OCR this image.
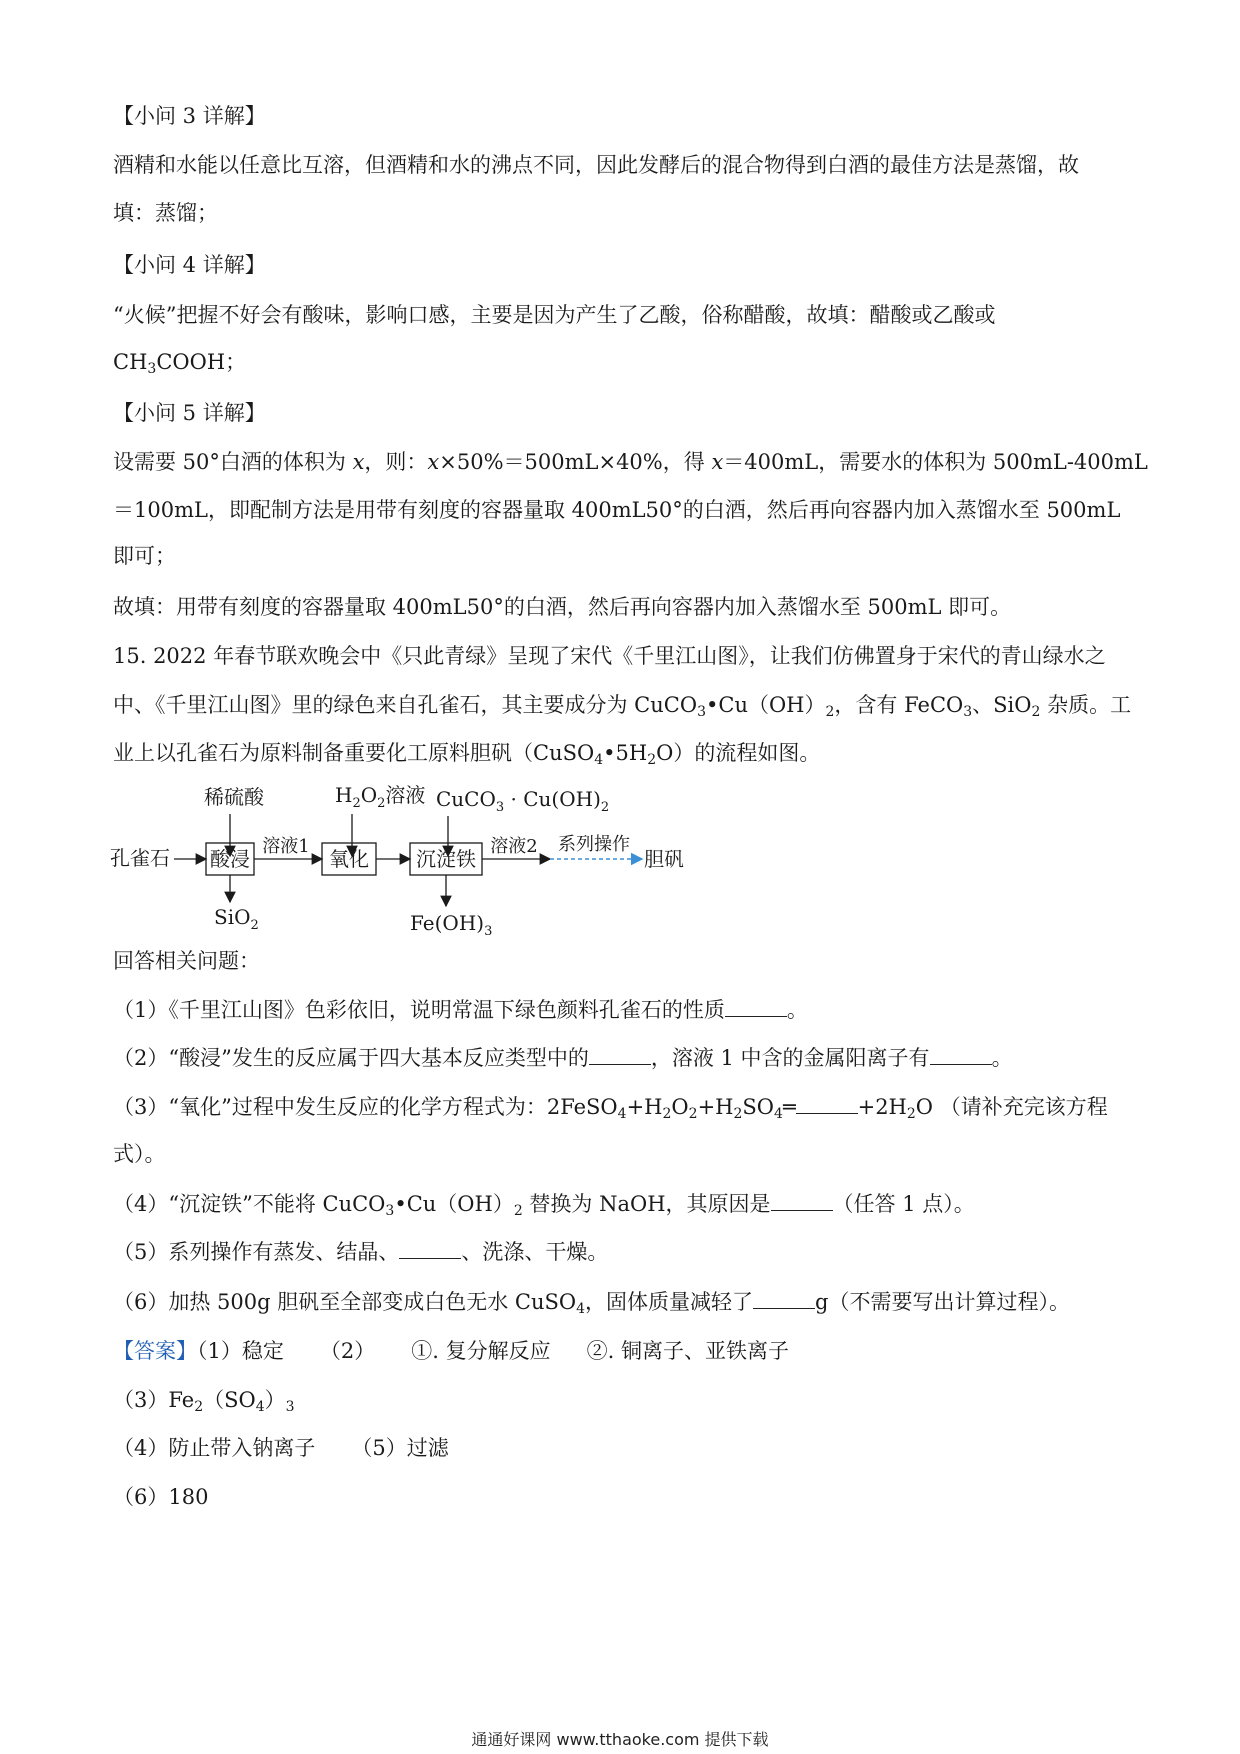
【小问 3 详解】
酒精和水能以任意比互溶，但酒精和水的沸点不同，因此发酵后的混合物得到白酒的最佳方法是蒸馏，故
填：蒸馏；
【小问 4 详解】
“火候”把握不好会有酸味，影响口感，主要是因为产生了乙酸，俗称醋酸，故填：醋酸或乙酸或
$CH_3COOH$；
【小问 5 详解】
设需要 50°白酒的体积为 x，则：x×50%＝500mL×40%，得 x＝400mL，需要水的体积为 500mL-400mL
＝100mL，即配制方法是用带有刻度的容器量取 400mL50°的白酒，然后再向容器内加入蒸馏水至 500mL
即可；
故填：用带有刻度的容器量取 400mL50°的白酒，然后再向容器内加入蒸馏水至 500mL 即可。
15. 2022 年春节联欢晚会中《只此青绿》呈现了宋代《千里江山图》，让我们仿佛置身于宋代的青山绿水之
中、《千里江山图》里的绿色来自孔雀石，其主要成分为 $CuCO_3•Cu(OH)_2$，含有 FeCO$_3$、SiO$_2$ 杂质。工
业上以孔雀石为原料制备重要化工原料胆矾$(CuSO_4•5H_2O)$的流程如图。
稀硫酸	$H_2O_2$溶液 CuCO$_3$ · $Cu(OH)_2$
孔雀石 酸浸
溶液1
氧化 沉淀铁
溶液2 系列操作
胆矾
SiO$_2$	$Fe(OH)_3$
回答相关问题：
（1）《千里江山图》色彩依旧，说明常温下绿色颜料孔雀石的性质	。
（2）“酸浸”发生的反应属于四大基本反应类型中的	，溶液 1 中含的金属阳离子有	。
（3）“氧化”过程中发生反应的化学方程式为：$2FeSO_4+H_2O_2+H_2SO_4═$	$+2H_2O$ （请补充完该方程
式）。
（4）“沉淀铁”不能将 $CuCO_3•Cu(OH)_2$ 替换为 NaOH，其原因是	（任答 1 点）。
（5）系列操作有蒸发、结晶、	、洗涤、干燥。
（6）加热 500g 胆矾至全部变成白色无水 CuSO$_4$，固体质量减轻了	g（不需要写出计算过程）。
【答案】（1）稳定 （2） ①. 复分解反应 ②. 铜离子、亚铁离子
$(3)Fe_2(SO_4)_3$
（4）防止带入钠离子 （5）过滤
（6）180
通通好课网 www.tthaoke.com 提供下载
